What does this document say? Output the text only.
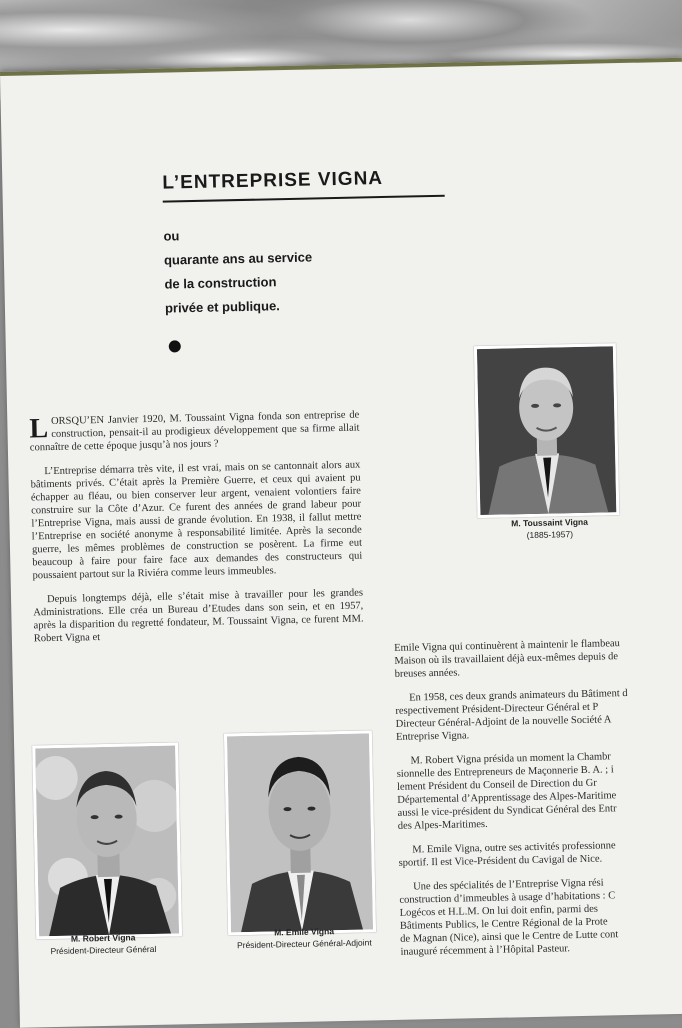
L’ENTREPRISE VIGNA
ou
quarante ans au service
de la construction
privée et publique.

LORSQU’EN Janvier 1920, M. Toussaint Vigna fonda son entreprise de construction, pensait-il au prodigieux développement que sa firme allait connaître de cette époque jusqu’à nos jours ?

L’Entreprise démarra très vite, il est vrai, mais on se cantonnait alors aux bâtiments privés. C’était après la Première Guerre, et ceux qui avaient pu échapper au fléau, ou bien conserver leur argent, venaient volontiers faire construire sur la Côte d’Azur. Ce furent des années de grand labeur pour l’Entreprise Vigna, mais aussi de grande évolution. En 1938, il fallut mettre l’Entreprise en société anonyme à responsabilité limitée. Après la seconde guerre, les mêmes problèmes de construction se posèrent. La firme eut beaucoup à faire pour faire face aux demandes des constructeurs qui poussaient partout sur la Riviéra comme leurs immeubles.

Depuis longtemps déjà, elle s’était mise à travailler pour les grandes Administrations. Elle créa un Bureau d’Etudes dans son sein, et en 1957, après la disparition du regretté fondateur, M. Toussaint Vigna, ce furent MM. Robert Vigna et	Emile Vigna qui continuèrent à maintenir le flambeau
Maison où ils travaillaient déjà eux-mêmes depuis de
breuses années.

En 1958, ces deux grands animateurs du Bâtiment d
respectivement Président-Directeur Général et P
Directeur Général-Adjoint de la nouvelle Société A
Entreprise Vigna.

M. Robert Vigna présida un moment la Chambr
sionnelle des Entrepreneurs de Maçonnerie B. A. ; i
lement Président du Conseil de Direction du Gr
Départemental d’Apprentissage des Alpes-Maritime
aussi le vice-président du Syndicat Général des Entr
des Alpes-Maritimes.

M. Emile Vigna, outre ses activités professionne
sportif. Il est Vice-Président du Cavigal de Nice.

Une des spécialités de l’Entreprise Vigna rési
construction d’immeubles à usage d’habitations : C
Logécos et H.L.M. On lui doit enfin, parmi des
Bâtiments Publics, le Centre Régional de la Prote
de Magnan (Nice), ainsi que le Centre de Lutte cont
inauguré récemment à l’Hôpital Pasteur.

M. Toussaint Vigna
(1885-1957)
M. Robert Vigna
Président-Directeur Général
M. Emile Vigna
Président-Directeur Général-Adjoint
